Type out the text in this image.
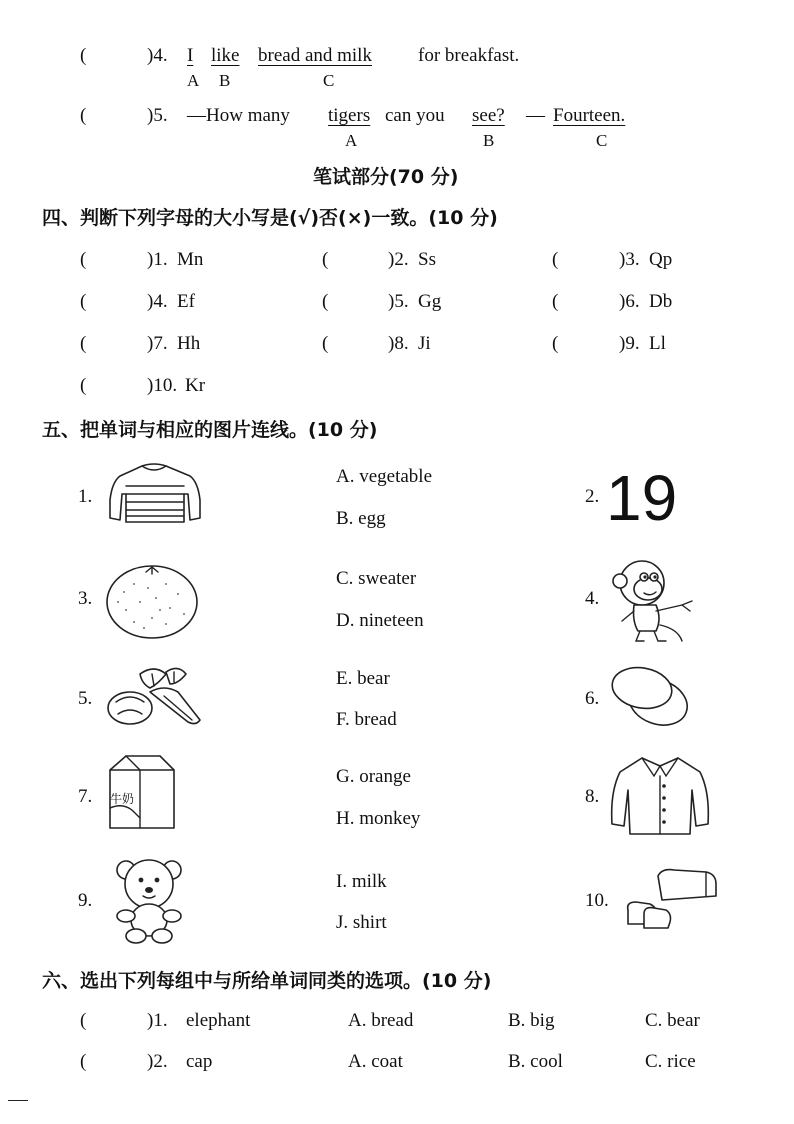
(	)4. I like bread and milk for breakfast.
A B	C
(	)5. —How many tigers can you see? — Fourteen.
A	B	C
笔试部分(70 分)
四、判断下列字母的大小写是(√)否(×)一致。(10 分)
(	)1. Mn	(	)2. Ss	(	)3. Qp
(	)4. Ef	(	)5. Gg	(	)6. Db
(	)7. Hh	(	)8. Ji	(	)9. Ll
(	)10. Kr
五、把单词与相应的图片连线。(10 分)
1.
3.
5.
7.
9.
2.
4.
6.
8.
10.
A. vegetable
B. egg
C. sweater
D. nineteen
E. bear
F. bread
G. orange
H. monkey
I. milk
J. shirt
19
牛奶
六、选出下列每组中与所给单词同类的选项。(10 分)
(	)1. elephant	A. bread	B. big	C. bear
(	)2. cap	A. coat	B. cool	C. rice
